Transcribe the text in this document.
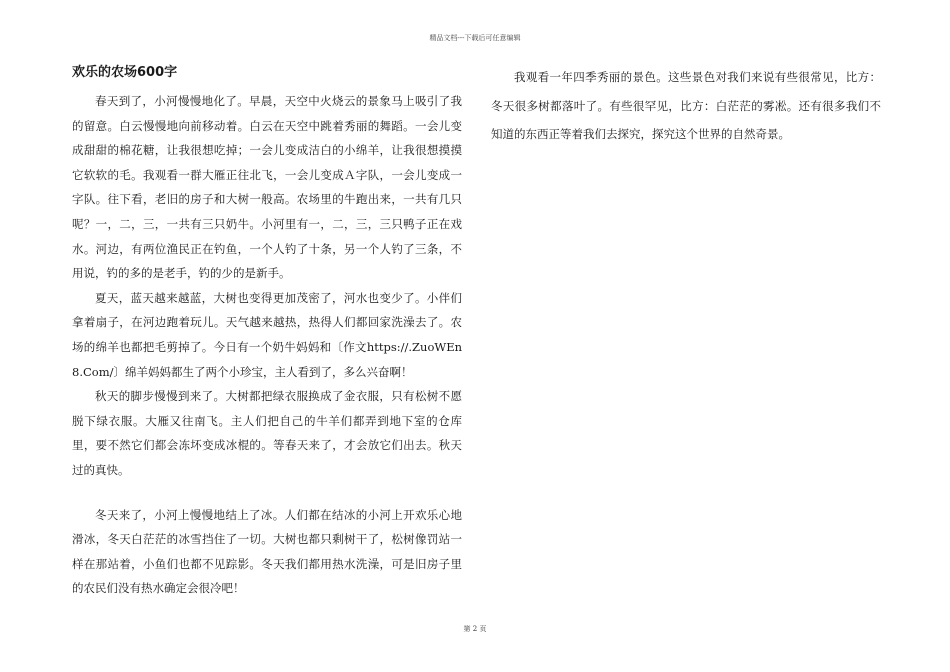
精品文档---下载后可任意编辑
欢乐的农场600字

春天到了，小河慢慢地化了。早晨，天空中火烧云的景象马上吸引了我的留意。白云慢慢地向前移动着。白云在天空中跳着秀丽的舞蹈。一会儿变成甜甜的棉花糖，让我很想吃掉；一会儿变成洁白的小绵羊，让我很想摸摸它软软的毛。我观看一群大雁正往北飞，一会儿变成Ａ字队，一会儿变成一字队。往下看，老旧的房子和大树一般高。农场里的牛跑出来，一共有几只呢？一，二，三，一共有三只奶牛。小河里有一，二，三，三只鸭子正在戏水。河边，有两位渔民正在钓鱼，一个人钓了十条，另一个人钓了三条，不用说，钓的多的是老手，钓的少的是新手。

夏天，蓝天越来越蓝，大树也变得更加茂密了，河水也变少了。小伴们拿着扇子，在河边跑着玩儿。天气越来越热，热得人们都回家洗澡去了。农场的绵羊也都把毛剪掉了。今日有一个奶牛妈妈和〔作文https://.ZuoWEn8.Com/〕绵羊妈妈都生了两个小珍宝，主人看到了，多么兴奋啊！

秋天的脚步慢慢到来了。大树都把绿衣服换成了金衣服，只有松树不愿脱下绿衣服。大雁又往南飞。主人们把自己的牛羊们都弄到地下室的仓库里，要不然它们都会冻坏变成冰棍的。等春天来了，才会放它们出去。秋天过的真快。

冬天来了，小河上慢慢地结上了冰。人们都在结冰的小河上开欢乐心地滑冰，冬天白茫茫的冰雪挡住了一切。大树也都只剩树干了，松树像罚站一样在那站着，小鱼们也都不见踪影。冬天我们都用热水洗澡，可是旧房子里的农民们没有热水确定会很冷吧！

我观看一年四季秀丽的景色。这些景色对我们来说有些很常见，比方：冬天很多树都落叶了。有些很罕见，比方：白茫茫的雾凇。还有很多我们不知道的东西正等着我们去探究，探究这个世界的自然奇景。

第 2 页
